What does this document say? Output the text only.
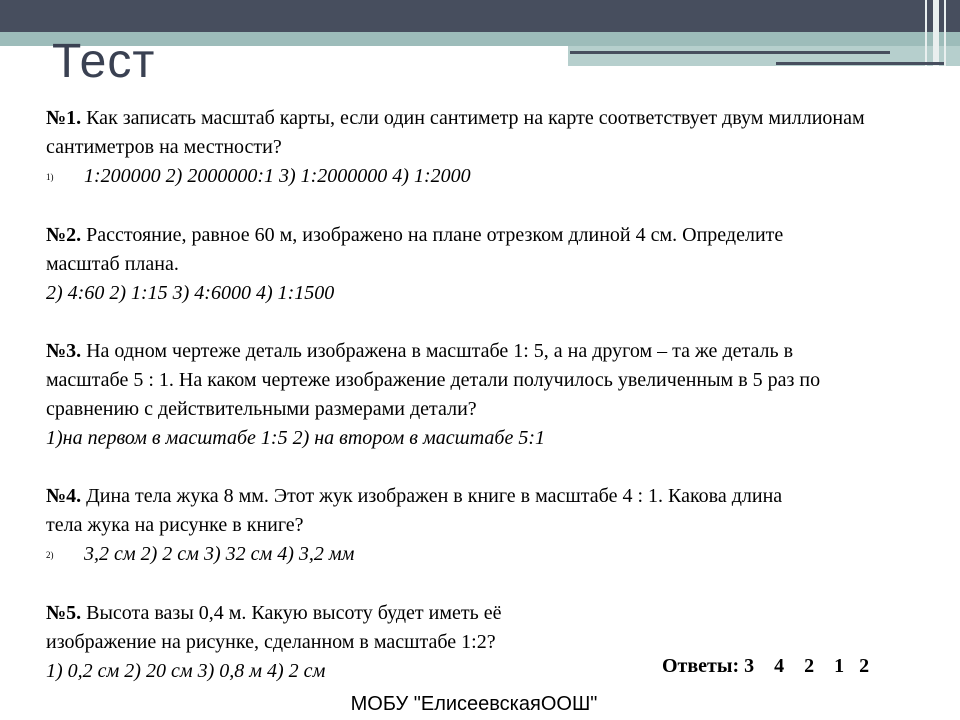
Тест
№1. Как записать масштаб карты, если один сантиметр на карте соответствует двум миллионам сантиметров на местности?
1) 1:200000 2) 2000000:1 3) 1:2000000 4) 1:2000
№2. Расстояние, равное 60 м, изображено на плане отрезком длиной 4 см. Определите масштаб плана.
2) 4:60 2) 1:15 3) 4:6000 4) 1:1500
№3. На одном чертеже деталь изображена в масштабе 1: 5, а на другом – та же деталь в масштабе 5 : 1. На каком чертеже изображение детали получилось увеличенным в 5 раз по сравнению с действительными размерами детали?
1)на первом в масштабе 1:5 2) на втором в масштабе 5:1
№4. Дина тела жука 8 мм. Этот жук изображен в книге в масштабе 4 : 1. Какова длина тела жука на рисунке в книге?
2) 3,2 см 2) 2 см 3) 32 см 4) 3,2 мм
№5. Высота вазы 0,4 м. Какую высоту будет иметь её изображение на рисунке, сделанном в масштабе 1:2?
1) 0,2 см 2) 20 см 3) 0,8 м 4) 2 см	Ответы: 3    4    2    1   2
МОБУ "ЕлисеевскаяООШ"
